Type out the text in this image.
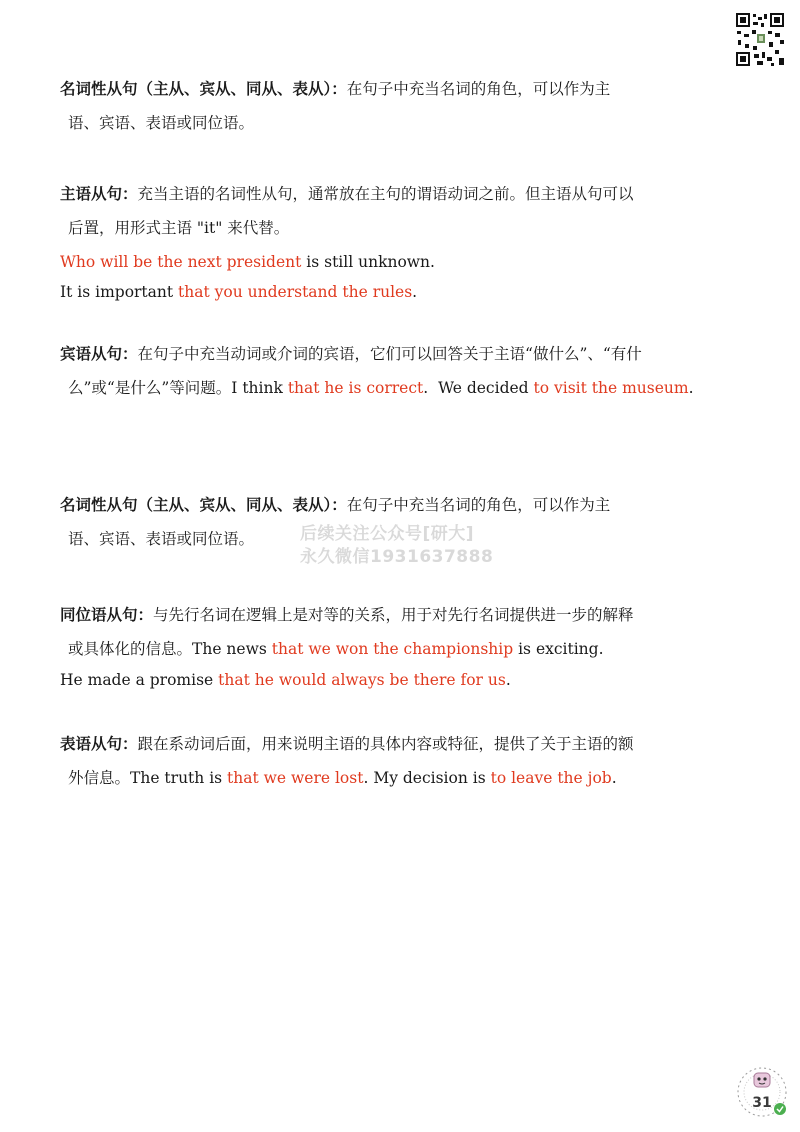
名词性从句（主从、宾从、同从、表从）：在句子中充当名词的角色，可以作为主
语、宾语、表语或同位语。
主语从句：充当主语的名词性从句，通常放在主句的谓语动词之前。但主语从句可以
后置，用形式主语 "it" 来代替。
Who will be the next president is still unknown.
It is important that you understand the rules.
宾语从句：在句子中充当动词或介词的宾语，它们可以回答关于主语“做什么”、“有什
么”或“是什么”等问题。I think that he is correct. We decided to visit the museum.
名词性从句（主从、宾从、同从、表从）：在句子中充当名词的角色，可以作为主
语、宾语、表语或同位语。	后续关注公众号[研大]
永久微信19316378​88
同位语从句：与先行名词在逻辑上是对等的关系，用于对先行名词提供进一步的解释
或具体化的信息。The news that we won the championship is exciting.
He made a promise that he would always be there for us.
表语从句：跟在系动词后面，用来说明主语的具体内容或特征，提供了关于主语的额
外信息。The truth is that we were lost. My decision is to leave the job.
31
